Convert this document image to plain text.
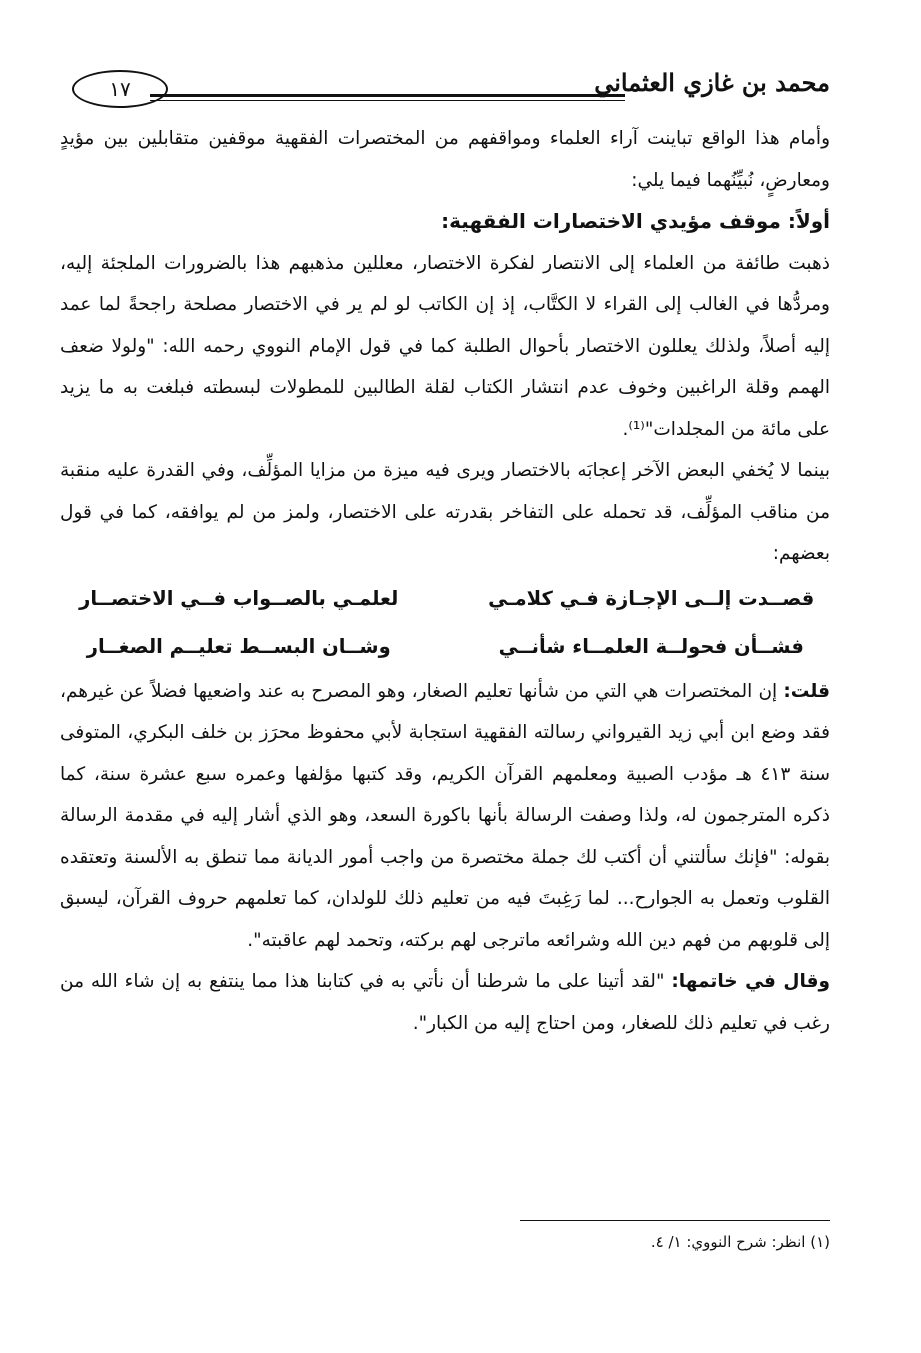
محمد بن غازي العثماني
١٧

وأمام هذا الواقع تباينت آراء العلماء ومواقفهم من المختصرات الفقهية موقفين متقابلين بين مؤيدٍ ومعارضٍ، نُبيِّنُهما فيما يلي:

أولاً: موقف مؤيدي الاختصارات الفقهية:

ذهبت طائفة من العلماء إلى الانتصار لفكرة الاختصار، معللين مذهبهم هذا بالضرورات الملجئة إليه، ومردُّها في الغالب إلى القراء لا الكتَّاب، إذ إن الكاتب لو لم ير في الاختصار مصلحة راجحةً لما عمد إليه أصلاً، ولذلك يعللون الاختصار بأحوال الطلبة كما في قول الإمام النووي رحمه الله: "ولولا ضعف الهمم وقلة الراغبين وخوف عدم انتشار الكتاب لقلة الطالبين للمطولات لبسطته فبلغت به ما يزيد على مائة من المجلدات"⁽¹⁾.

بينما لا يُخفي البعض الآخر إعجابَه بالاختصار ويرى فيه ميزة من مزايا المؤلِّف، وفي القدرة عليه منقبة من مناقب المؤلِّف، قد تحمله على التفاخر بقدرته على الاختصار، ولمز من لم يوافقه، كما في قول بعضهم:

قصــدت إلــى الإجـازة فـي كلامـي
لعلمـي بالصــواب فــي الاختصــار
فشــأن فحولــة العلمــاء شأنــي
وشــان البســط تعليــم الصغــار

قلت: إن المختصرات هي التي من شأنها تعليم الصغار، وهو المصرح به عند واضعيها فضلاً عن غيرهم، فقد وضع ابن أبي زيد القيرواني رسالته الفقهية استجابة لأبي محفوظ محرَز بن خلف البكري، المتوفى سنة ٤١٣ هـ مؤدب الصبية ومعلمهم القرآن الكريم، وقد كتبها مؤلفها وعمره سبع عشرة سنة، كما ذكره المترجمون له، ولذا وصفت الرسالة بأنها باكورة السعد، وهو الذي أشار إليه في مقدمة الرسالة بقوله: "فإنك سألتني أن أكتب لك جملة مختصرة من واجب أمور الديانة مما تنطق به الألسنة وتعتقده القلوب وتعمل به الجوارح... لما رَغِبتَ فيه من تعليم ذلك للولدان، كما تعلمهم حروف القرآن، ليسبق إلى قلوبهم من فهم دين الله وشرائعه ماترجى لهم بركته، وتحمد لهم عاقبته".

وقال في خاتمها: "لقد أتينا على ما شرطنا أن نأتي به في كتابنا هذا مما ينتفع به إن شاء الله من رغب في تعليم ذلك للصغار، ومن احتاج إليه من الكبار".

(١) انظر: شرح النووي: ١/ ٤.
